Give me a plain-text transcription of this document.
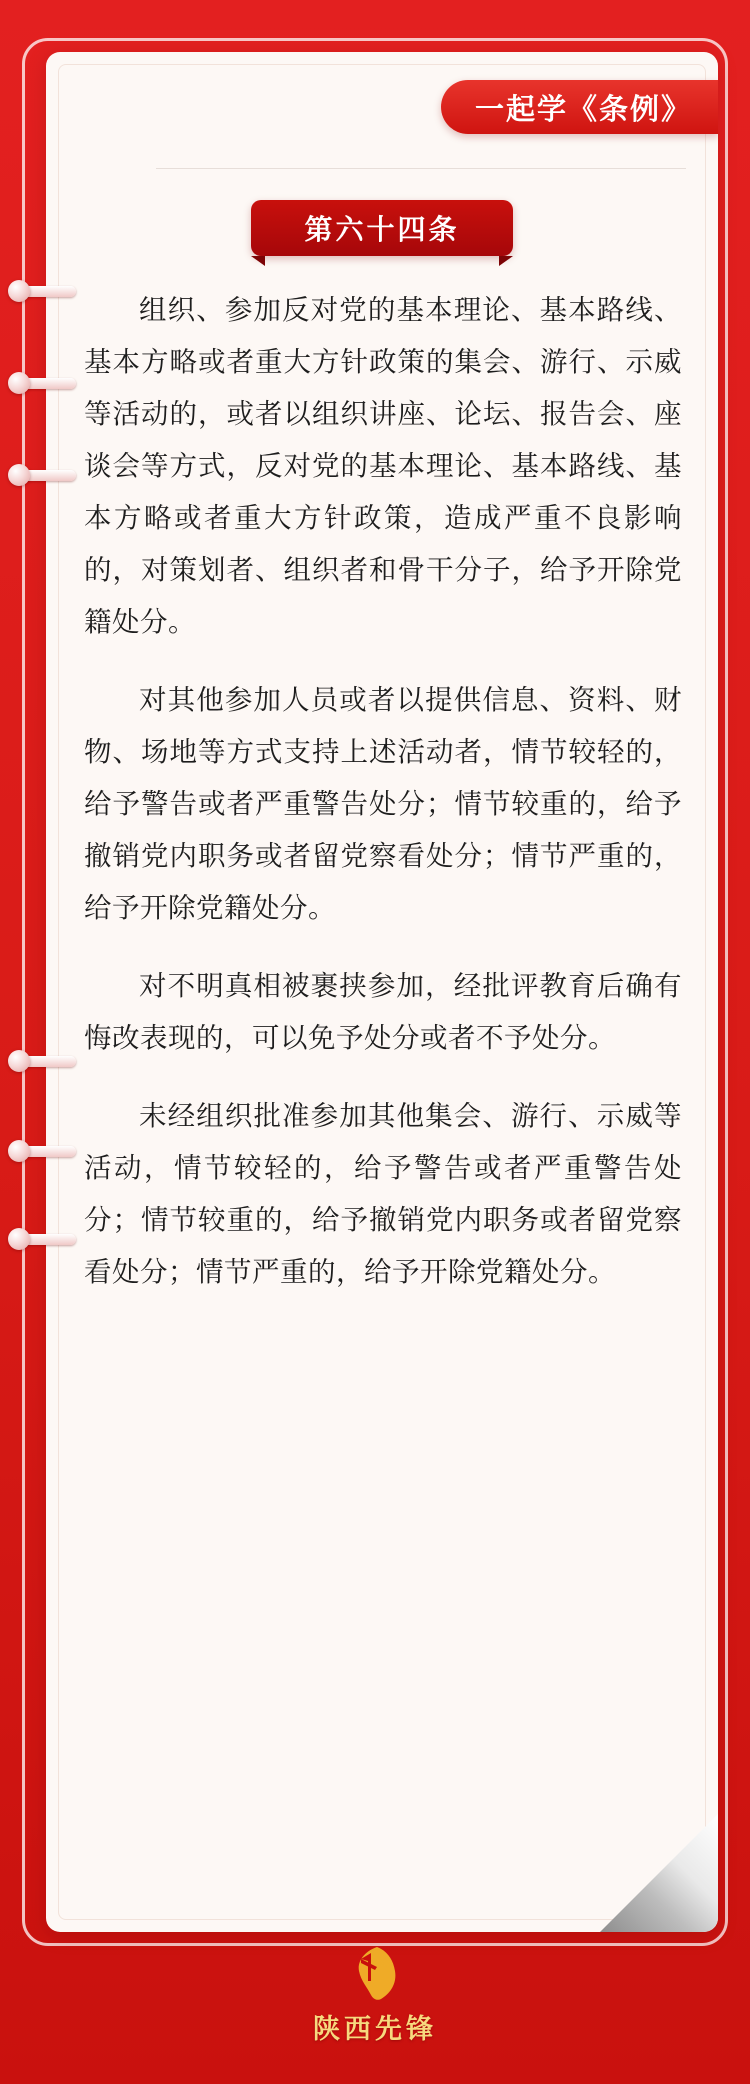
一起学《条例》
第六十四条

组织、参加反对党的基本理论、基本路线、基本方略或者重大方针政策的集会、游行、示威等活动的，或者以组织讲座、论坛、报告会、座谈会等方式，反对党的基本理论、基本路线、基本方略或者重大方针政策，造成严重不良影响的，对策划者、组织者和骨干分子，给予开除党籍处分。

对其他参加人员或者以提供信息、资料、财物、场地等方式支持上述活动者，情节较轻的，给予警告或者严重警告处分；情节较重的，给予撤销党内职务或者留党察看处分；情节严重的，给予开除党籍处分。

对不明真相被裹挟参加，经批评教育后确有悔改表现的，可以免予处分或者不予处分。

未经组织批准参加其他集会、游行、示威等活动，情节较轻的，给予警告或者严重警告处分；情节较重的，给予撤销党内职务或者留党察看处分；情节严重的，给予开除党籍处分。

陕西先锋
